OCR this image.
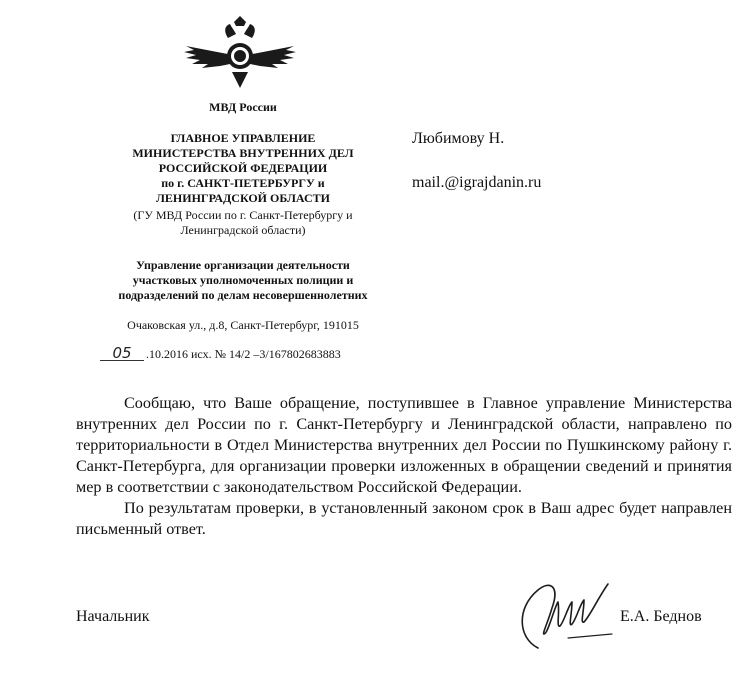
МВД России
ГЛАВНОЕ УПРАВЛЕНИЕ
МИНИСТЕРСТВА ВНУТРЕННИХ ДЕЛ
РОССИЙСКОЙ ФЕДЕРАЦИИ
по г. САНКТ-ПЕТЕРБУРГУ и
ЛЕНИНГРАДСКОЙ ОБЛАСТИ
(ГУ МВД России по г. Санкт-Петербургу и
Ленинградской области)
Управление организации деятельности
участковых уполномоченных полиции и
подразделений по делам несовершеннолетних
Очаковская ул., д.8, Санкт-Петербург, 191015
05 .10.2016 исх. № 14/2 –3/167802683883
Любимову Н.
mail.@igrajdanin.ru

Сообщаю, что Ваше обращение, поступившее в Главное управление Министерства внутренних дел России по г. Санкт-Петербургу и Ленинградской области, направлено по территориальности в Отдел Министерства внутренних дел России по Пушкинскому району г. Санкт-Петербурга, для организации проверки изложенных в обращении сведений и принятия мер в соответствии с законодательством Российской Федерации.

По результатам проверки, в установленный законом срок в Ваш адрес будет направлен письменный ответ.

Начальник	Е.А. Беднов
